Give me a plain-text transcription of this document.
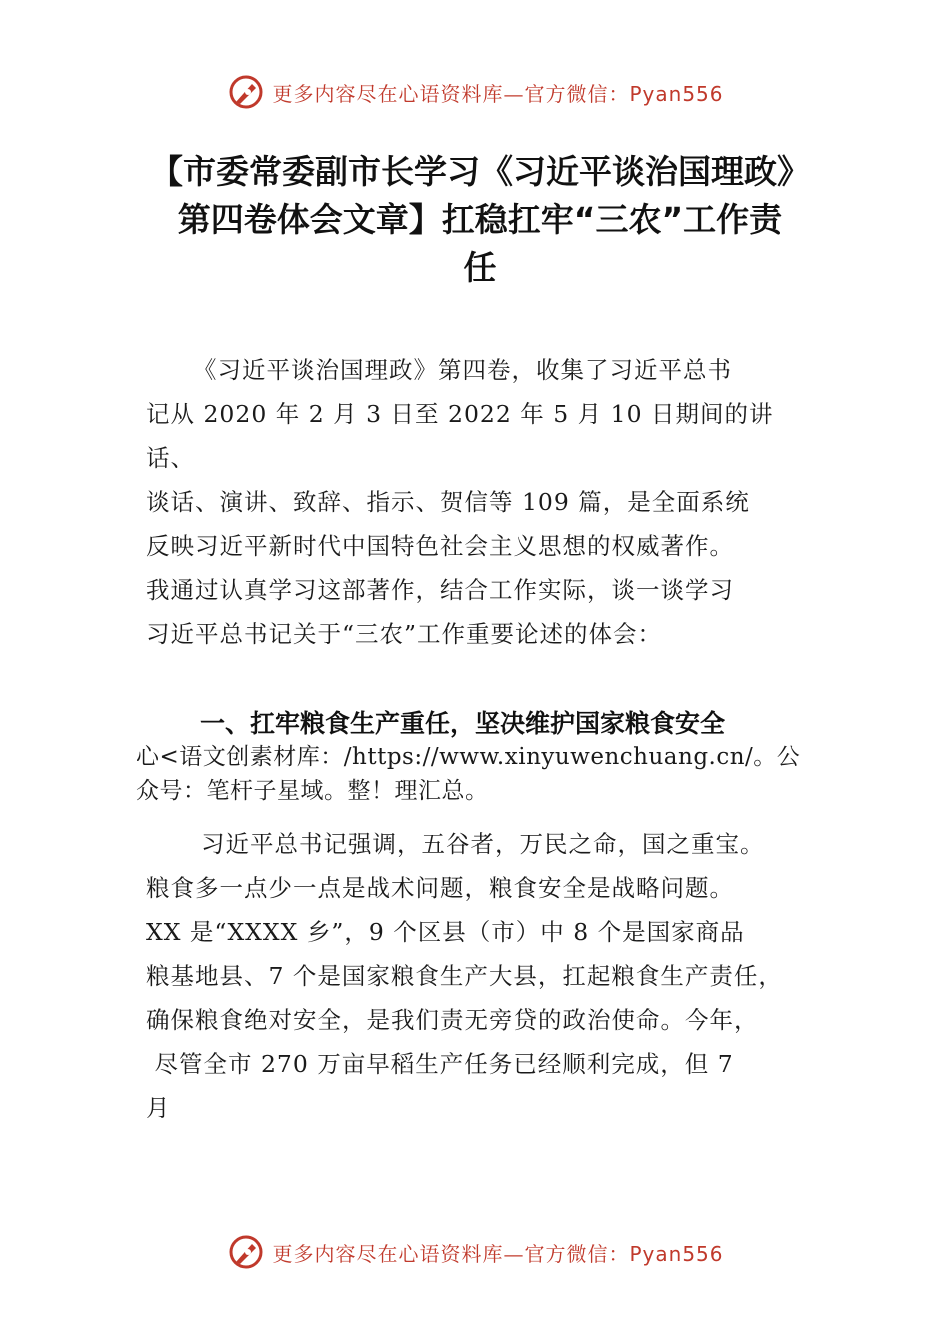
更多内容尽在心语资料库—官方微信：Pyan556
【市委常委副市长学习《习近平谈治国理政》
第四卷体会文章】扛稳扛牢“三农”工作责
任
《习近平谈治国理政》第四卷，收集了习近平总书
记从 2020 年 2 月 3 日至 2022 年 5 月 10 日期间的讲
话、
谈话、演讲、致辞、指示、贺信等 109 篇，是全面系统
反映习近平新时代中国特色社会主义思想的权威著作。
我通过认真学习这部著作，结合工作实际，谈一谈学习
习近平总书记关于“三农”工作重要论述的体会：
一、扛牢粮食生产重任，坚决维护国家粮食安全
心<语文创素材库：/https://www.xinyuwenchuang.cn/。公
众号：笔杆子星域。整！理汇总。
习近平总书记强调，五谷者，万民之命，国之重宝。
粮食多一点少一点是战术问题，粮食安全是战略问题。
XX 是“XXXX 乡”，9 个区县（市）中 8 个是国家商品
粮基地县、7 个是国家粮食生产大县，扛起粮食生产责任，
确保粮食绝对安全，是我们责无旁贷的政治使命。今年，
尽管全市 270 万亩早稻生产任务已经顺利完成，但 7
月
更多内容尽在心语资料库—官方微信：Pyan556
